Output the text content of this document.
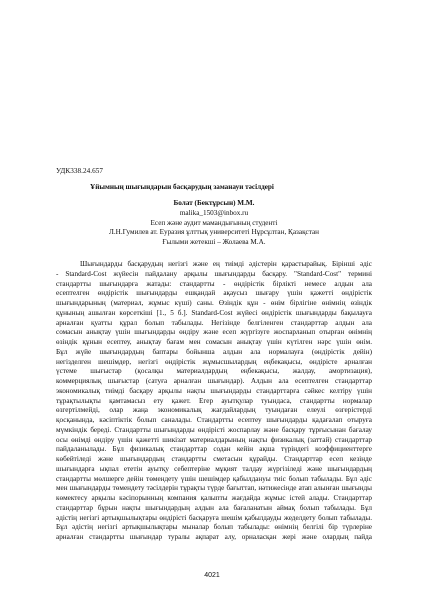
УДК338.24.657
Ұйымның шығындарын басқарудың заманауи тәсілдері
Болат (Бектұрсын) М.М.
malika_1503@inbox.ru
Есеп және аудит мамандығының студенті
Л.Н.Гумилев ат. Еуразия ұлттық университеті Нұрсұлтан, Қазақстан
Ғылыми жетекші – Жолаева М.А.
Шығындарды басқарудың негізгі және ең тиімді әдістерін қарастырайық. Бірінші әдіс
- Standard-Cost жүйесін пайдалану арқылы шығындарды басқару. "Standard-Cost" термині
стандартты шығындарға жатады: стандартты - өндірістік бірлікті немесе алдын ала
есептелген өндірістік шығындарды ешқандай ақаусыз шығару үшін қажетті өндірістік
шығындарының (материал, жұмыс күші) саны. Өзіндік құн - өнім бірлігіне өнімнің өзіндік
құнының ашылған көрсеткіші [1., 5 б.]. Standard-Cost жүйесі өндірістік шығындарды бақылауға
арналған қуатты құрал болып табылады. Негізінде белгіленген стандарттар алдын ала
сомасын анықтау үшін шығындарды өндіру және есеп жүргізуге жоспарланып отырған өнімнің
өзіндік құнын есептеу, анықтау бағам мен сомасын анықтау үшін күтілген нәрс үшін өнім.
Бұл жүйе шығындардың баптары бойынша алдын ала нормалауға (өндірістік дейін)
негізделген шешімдер, негізгі өндірістік жұмысшылардың еңбекақысы, өндірісте арналған
үстеме шығыстар (қосалқы материалдардың еңбекақысы, жалдау, амортизация),
коммерциялық шығыстар (сатуға арналған шығындар). Алдын ала есептелген стандарттар
экономикалық тиімді басқару арқылы нақты шығындарды стандарттарға сәйкес келтіру үшін
тұрақтылықты қамтамасыз ету қажет. Егер ауытқулар туындаса, стандартты нормалар
өзгертілмейді, олар жаңа экономикалық жағдайлардың туындаған елеулі өзгерістерді
қосқанында, кәсіптіктік болып саналады. Стандартты есептеу шығындарды қадағалап отыруға
мүмкіндік береді. Стандартты шығындарды өндірісті жоспарлау және басқару тұрғысынан бағалау
осы өнімді өндіру үшін қажетті шикізат материалдарының нақты физикалық (заттай) стандарттар
пайдаланылады. Бұл физикалық стандарттар содан кейін ақша түріндегі коэффициенттерге
көбейтіледі және шығындардың стандартты сметасын құрайды. Стандарттар есеп кезінде
шығындарға ықпал ететін ауытқу себептеріне мұқият талдау жүргізіледі және шығындардың
стандартты мөлшерге дейін төмендету үшін шешімдер қабылдануы тиіс болып табылады. Бұл әдіс
мен шығындарды төмендету тәсілдерін тұрақты түрде бағыттап, нәтижесінде атап алынған шығынды
көмектесу арқылы кәсіпорынның компания қалыпты жағдайда жұмыс істей алады. Стандарттар
стандарттар бұрын нақты шығындардың алдын ала бағаланатын аймақ болып табылады. Бұл
әдістің негізгі артықшылықтары өндірісті басқаруға шешім қабылдауды жеделдету болып табылады.
Бұл әдістің негізгі артықшылықтары мыналар болып табылады: өнімнің белгілі бір түрлеріне
арналған стандартты шығындар туралы ақпарат алу, орналасқан жері және олардың пайда
4021
